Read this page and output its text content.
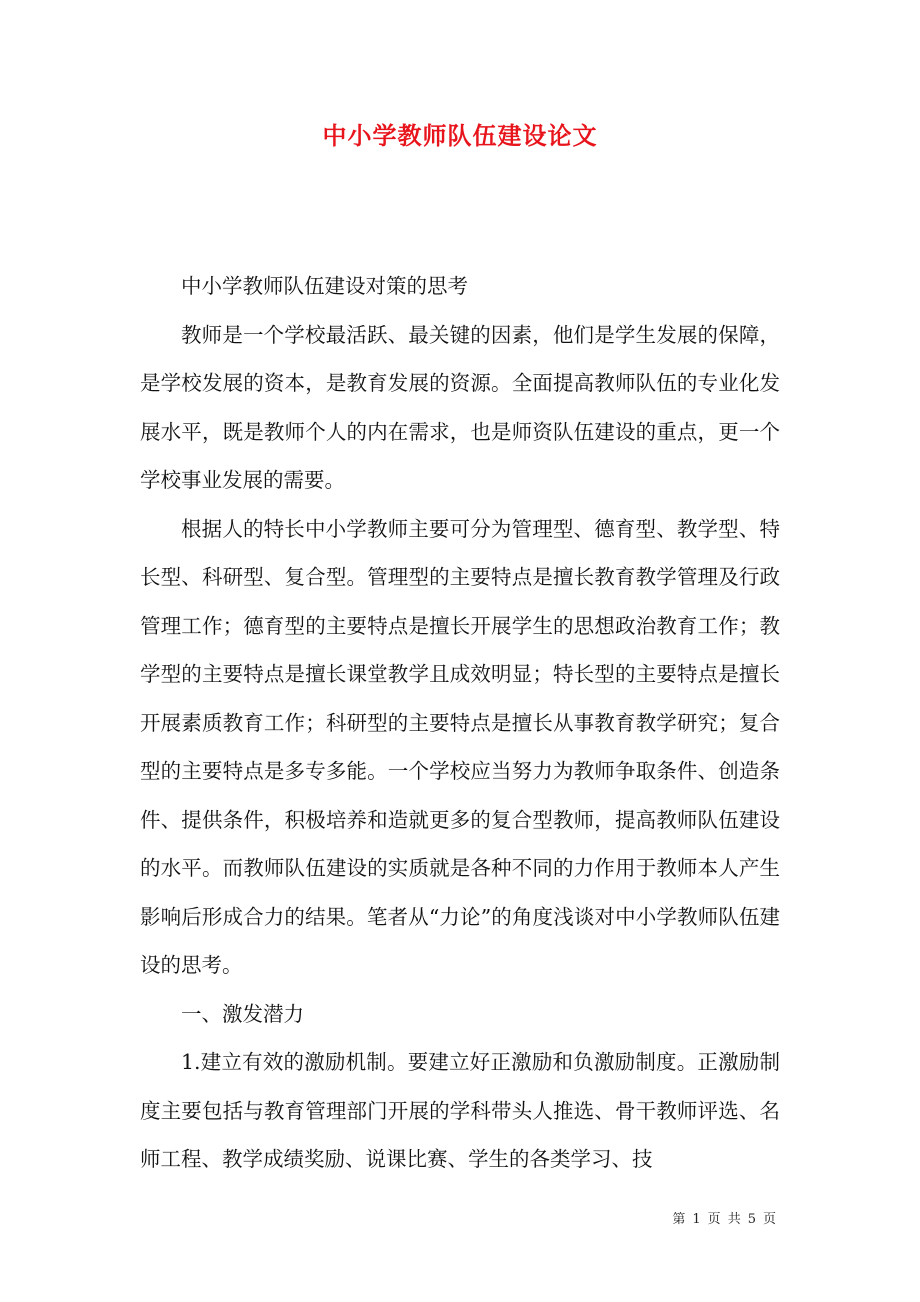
中小学教师队伍建设论文

中小学教师队伍建设对策的思考

教师是一个学校最活跃、最关键的因素，他们是学生发展的保障，是学校发展的资本，是教育发展的资源。全面提高教师队伍的专业化发展水平，既是教师个人的内在需求，也是师资队伍建设的重点，更一个学校事业发展的需要。

根据人的特长中小学教师主要可分为管理型、德育型、教学型、特长型、科研型、复合型。管理型的主要特点是擅长教育教学管理及行政管理工作；德育型的主要特点是擅长开展学生的思想政治教育工作；教学型的主要特点是擅长课堂教学且成效明显；特长型的主要特点是擅长开展素质教育工作；科研型的主要特点是擅长从事教育教学研究；复合型的主要特点是多专多能。一个学校应当努力为教师争取条件、创造条件、提供条件，积极培养和造就更多的复合型教师，提高教师队伍建设的水平。而教师队伍建设的实质就是各种不同的力作用于教师本人产生影响后形成合力的结果。笔者从“力论”的角度浅谈对中小学教师队伍建设的思考。

一、激发潜力

1.建立有效的激励机制。要建立好正激励和负激励制度。正激励制度主要包括与教育管理部门开展的学科带头人推选、骨干教师评选、名师工程、教学成绩奖励、说课比赛、学生的各类学习、技

第 1 页 共 5 页
